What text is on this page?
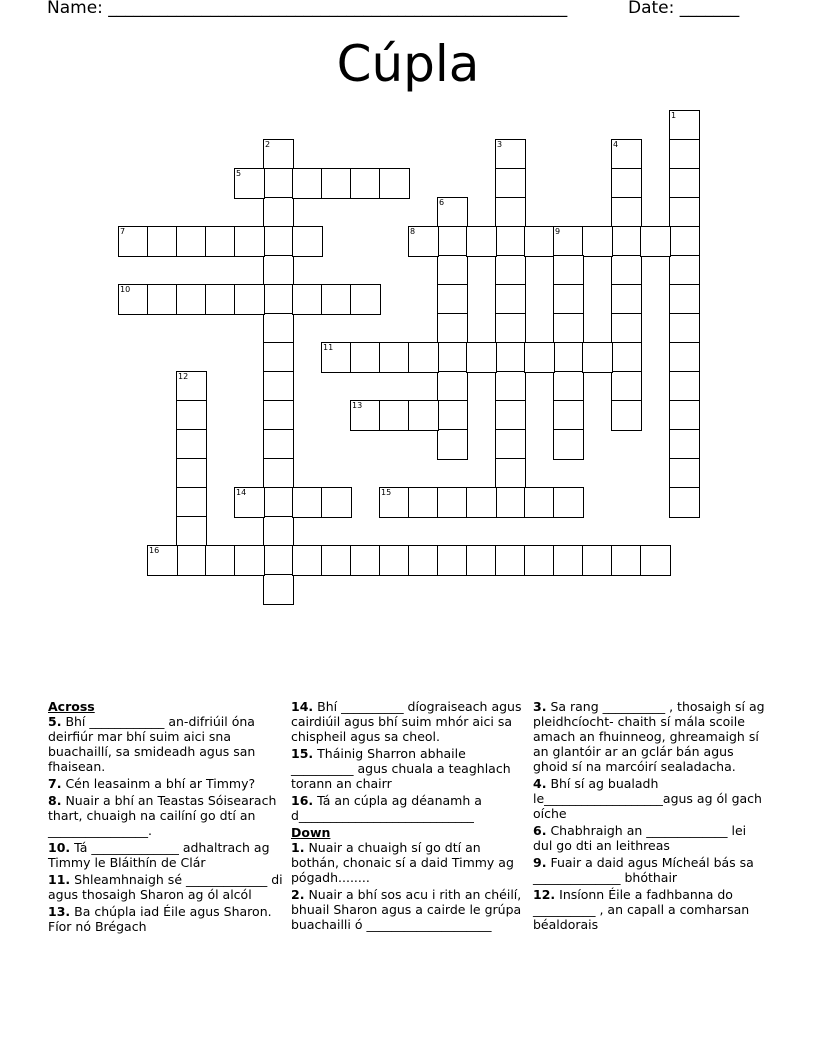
Name: ______________________________________________________	Date: _______
Cúpla
1
2	3	4
5
6
7	8	9
10
11
12
13
14	15
16
Across
5. Bhí ____________ an-difriúil óna deirfiúr mar bhí suim aici sna buachaillí, sa smideadh agus san fhaisean.
7. Cén leasainm a bhí ar Timmy?
8. Nuair a bhí an Teastas Sóisearach thart, chuaigh na cailíní go dtí an ________________.
10. Tá ______________ adhaltrach ag Timmy le Bláithín de Clár
11. Shleamhnaigh sé _____________ di agus thosaigh Sharon ag ól alcól
13. Ba chúpla iad Éile agus Sharon. Fíor nó Brégach
14. Bhí __________ díograiseach agus cairdiúil agus bhí suim mhór aici sa chispheil agus sa cheol.
15. Tháinig Sharron abhaile __________ agus chuala a teaghlach torann an chairr
16. Tá an cúpla ag déanamh a d____________________________
Down
1. Nuair a chuaigh sí go dtí an bothán, chonaic sí a daid Timmy ag pógadh........
2. Nuair a bhí sos acu i rith an chéilí, bhuail Sharon agus a cairde le grúpa buachailli ó ____________________
3. Sa rang __________ , thosaigh sí ag pleidhcíocht- chaith sí mála scoile amach an fhuinneog, ghreamaigh sí an glantóir ar an gclár bán agus ghoid sí na marcóirí sealadacha.
4. Bhí sí ag bualadh le___________________agus ag ól gach oíche
6. Chabhraigh an _____________ lei dul go dti an leithreas
9. Fuair a daid agus Mícheál bás sa ______________ bhóthair
12. Insíonn Éile a fadhbanna do __________ , an capall a comharsan béaldorais
